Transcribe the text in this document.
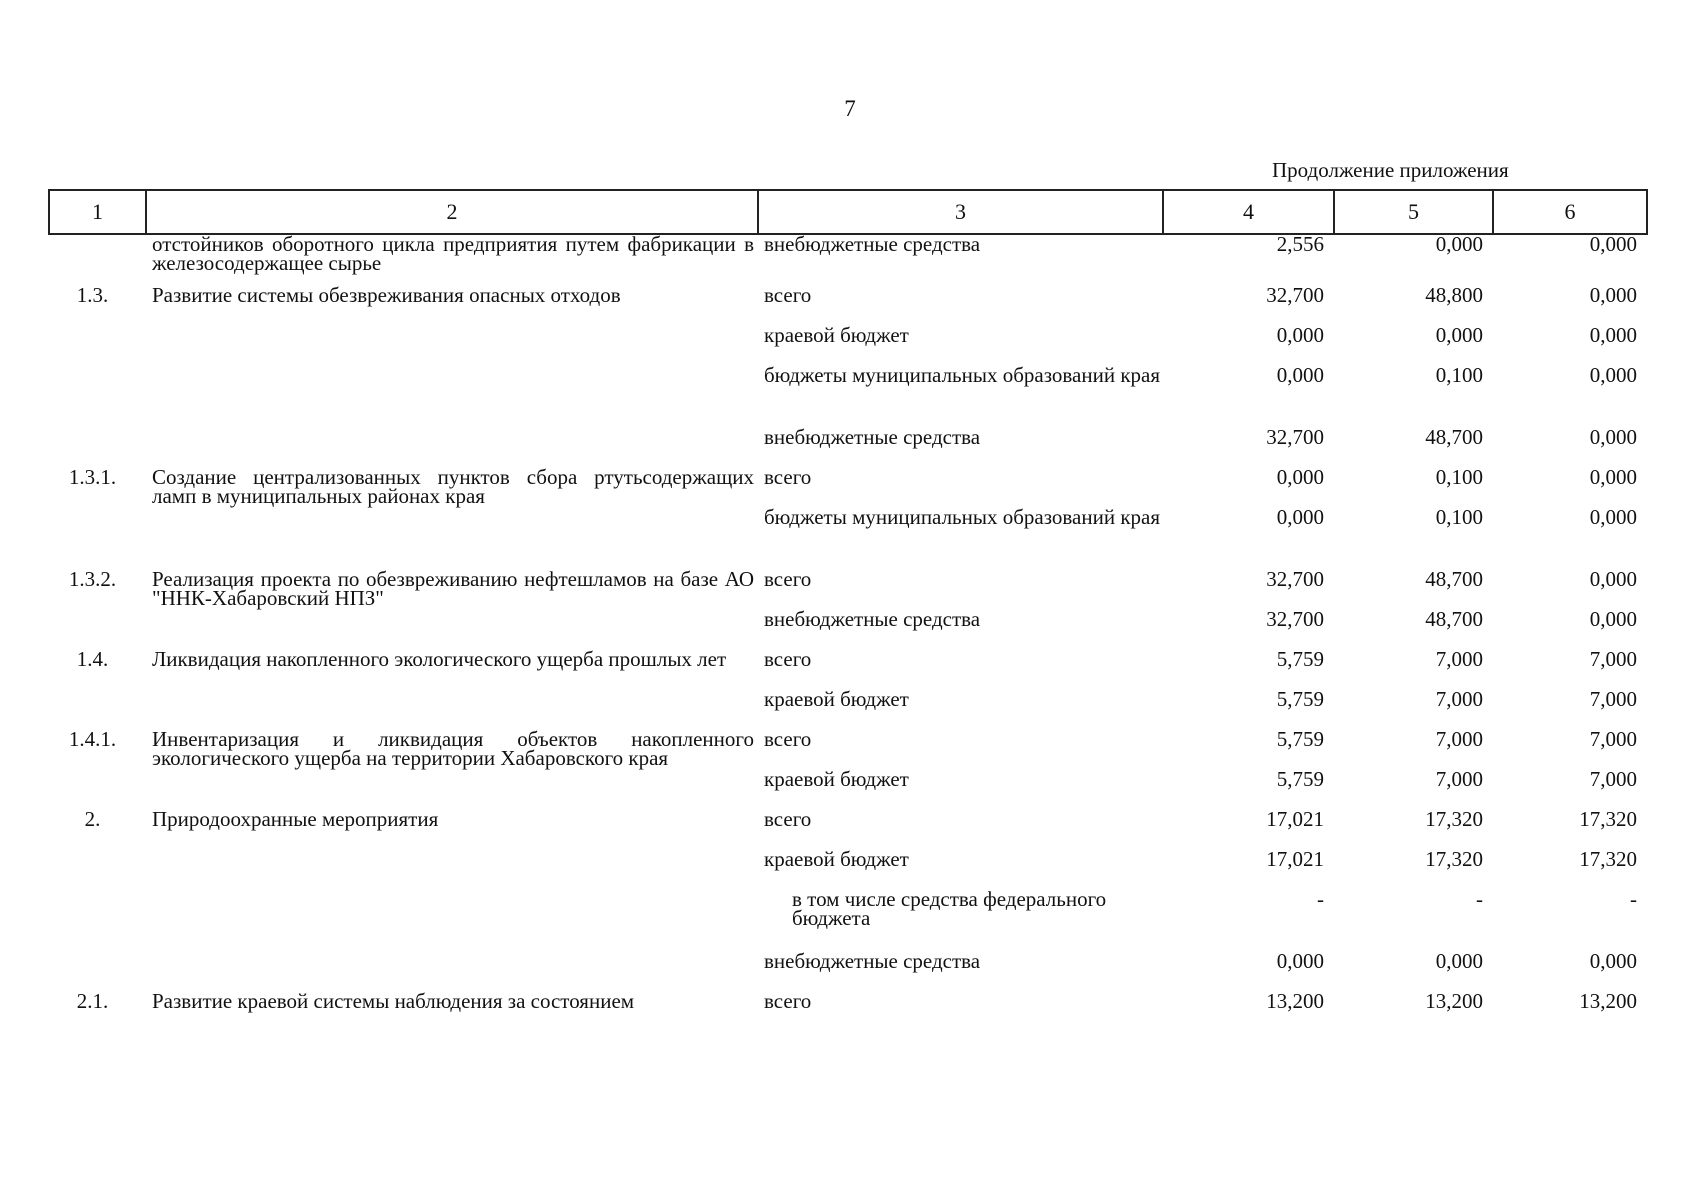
7
Продолжение приложения
1	2	3	4	5	6
	отстойников оборотного цикла предприятия путем фабрикации в железосодержащее сырье	внебюджетные средства	2,556	0,000	0,000
1.3.	Развитие системы обезвреживания опасных отходов	всего	32,700	48,800	0,000
		краевой бюджет	0,000	0,000	0,000
		бюджеты муниципальных образований края	0,000	0,100	0,000
		внебюджетные средства	32,700	48,700	0,000
1.3.1.	Создание централизованных пунктов сбора ртутьсодержащих ламп в муниципальных районах края	всего	0,000	0,100	0,000
		бюджеты муниципальных образований края	0,000	0,100	0,000
1.3.2.	Реализация проекта по обезвреживанию нефтешламов на базе АО "ННК-Хабаровский НПЗ"	всего	32,700	48,700	0,000
		внебюджетные средства	32,700	48,700	0,000
1.4.	Ликвидация накопленного экологического ущерба прошлых лет	всего	5,759	7,000	7,000
		краевой бюджет	5,759	7,000	7,000
1.4.1.	Инвентаризация и ликвидация объектов накопленного экологического ущерба на территории Хабаровского края	всего	5,759	7,000	7,000
		краевой бюджет	5,759	7,000	7,000
2.	Природоохранные мероприятия	всего	17,021	17,320	17,320
		краевой бюджет	17,021	17,320	17,320
		в том числе средства федерального бюджета	-	-	-
		внебюджетные средства	0,000	0,000	0,000
2.1.	Развитие краевой системы наблюдения за состоянием	всего	13,200	13,200	13,200
